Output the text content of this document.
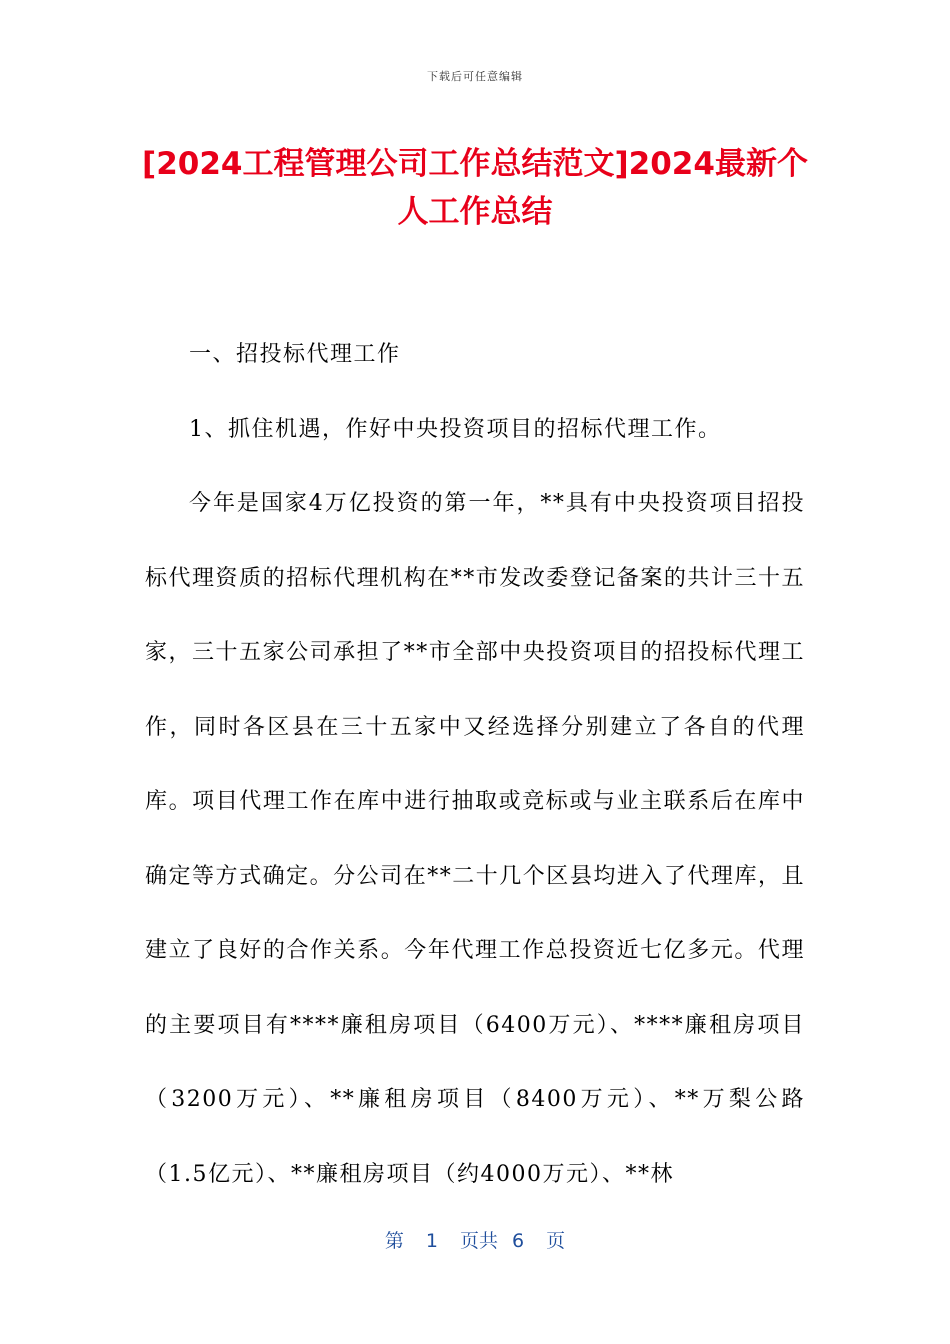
下载后可任意编辑
[2024工程管理公司工作总结范文]2024最新个人工作总结

一、招投标代理工作

1、抓住机遇，作好中央投资项目的招标代理工作。

今年是国家4万亿投资的第一年，**具有中央投资项目招投标代理资质的招标代理机构在**市发改委登记备案的共计三十五家，三十五家公司承担了**市全部中央投资项目的招投标代理工作，同时各区县在三十五家中又经选择分别建立了各自的代理库。项目代理工作在库中进行抽取或竞标或与业主联系后在库中确定等方式确定。分公司在**二十几个区县均进入了代理库，且建立了良好的合作关系。今年代理工作总投资近七亿多元。代理的主要项目有****廉租房项目（6400万元）、****廉租房项目（3200万元）、**廉租房项目（8400万元）、**万梨公路（1.5亿元）、**廉租房项目（约4000万元）、**林

第 1 页共 6 页
